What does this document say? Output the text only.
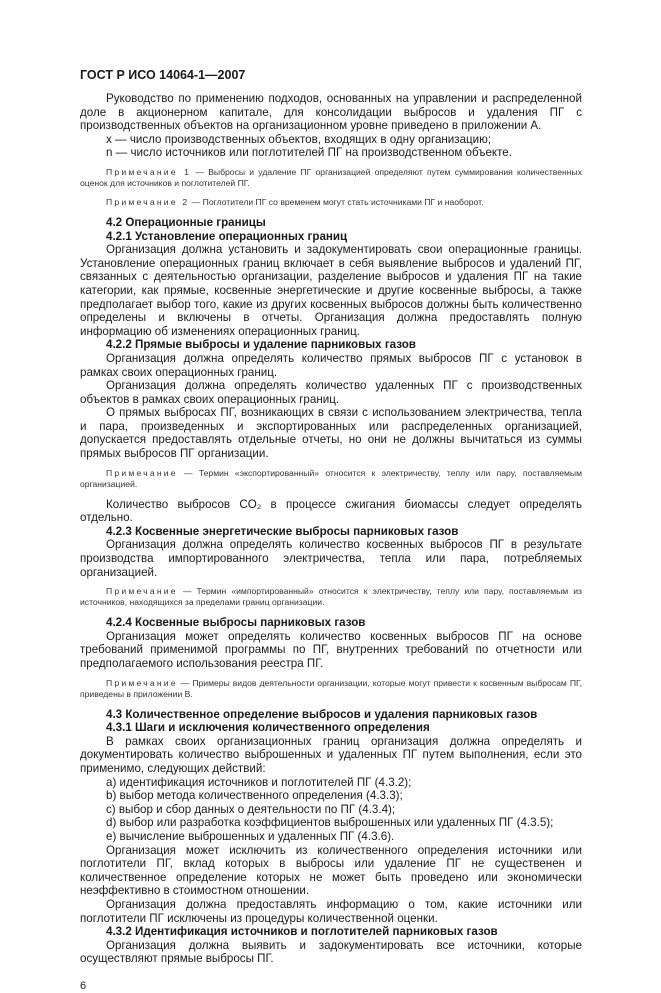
ГОСТ Р ИСО 14064-1—2007
Руководство по применению подходов, основанных на управлении и распределенной доле в акционерном капитале, для консолидации выбросов и удаления ПГ с производственных объектов на организационном уровне приведено в приложении А.
x — число производственных объектов, входящих в одну организацию;
n — число источников или поглотителей ПГ на производственном объекте.
Примечание 1 — Выбросы и удаление ПГ организацией определяют путем суммирования количественных оценок для источников и поглотителей ПГ.
Примечание 2 — Поглотители ПГ со временем могут стать источниками ПГ и наоборот.
4.2 Операционные границы
4.2.1 Установление операционных границ
Организация должна установить и задокументировать свои операционные границы. Установление операционных границ включает в себя выявление выбросов и удалений ПГ, связанных с деятельностью организации, разделение выбросов и удаления ПГ на такие категории, как прямые, косвенные энергетические и другие косвенные выбросы, а также предполагает выбор того, какие из других косвенных выбросов должны быть количественно определены и включены в отчеты. Организация должна предоставлять полную информацию об изменениях операционных границ.
4.2.2 Прямые выбросы и удаление парниковых газов
Организация должна определять количество прямых выбросов ПГ с установок в рамках своих операционных границ.
Организация должна определять количество удаленных ПГ с производственных объектов в рамках своих операционных границ.
О прямых выбросах ПГ, возникающих в связи с использованием электричества, тепла и пара, произведенных и экспортированных или распределенных организацией, допускается предоставлять отдельные отчеты, но они не должны вычитаться из суммы прямых выбросов ПГ организации.
Примечание — Термин «экспортированный» относится к электричеству, теплу или пару, поставляемым организацией.
Количество выбросов CO₂ в процессе сжигания биомассы следует определять отдельно.
4.2.3 Косвенные энергетические выбросы парниковых газов
Организация должна определять количество косвенных выбросов ПГ в результате производства импортированного электричества, тепла или пара, потребляемых организацией.
Примечание — Термин «импортированный» относится к электричеству, теплу или пару, поставляемым из источников, находящихся за пределами границ организации.
4.2.4 Косвенные выбросы парниковых газов
Организация может определять количество косвенных выбросов ПГ на основе требований применимой программы по ПГ, внутренних требований по отчетности или предполагаемого использования реестра ПГ.
Примечание — Примеры видов деятельности организации, которые могут привести к косвенным выбросам ПГ, приведены в приложении В.
4.3 Количественное определение выбросов и удаления парниковых газов
4.3.1 Шаги и исключения количественного определения
В рамках своих организационных границ организация должна определять и документировать количество выброшенных и удаленных ПГ путем выполнения, если это применимо, следующих действий:
a) идентификация источников и поглотителей ПГ (4.3.2);
b) выбор метода количественного определения (4.3.3);
c) выбор и сбор данных о деятельности по ПГ (4.3.4);
d) выбор или разработка коэффициентов выброшенных или удаленных ПГ (4.3.5);
e) вычисление выброшенных и удаленных ПГ (4.3.6).
Организация может исключить из количественного определения источники или поглотители ПГ, вклад которых в выбросы или удаление ПГ не существенен и количественное определение которых не может быть проведено или экономически неэффективно в стоимостном отношении.
Организация должна предоставлять информацию о том, какие источники или поглотители ПГ исключены из процедуры количественной оценки.
4.3.2 Идентификация источников и поглотителей парниковых газов
Организация должна выявить и задокументировать все источники, которые осуществляют прямые выбросы ПГ.
6
